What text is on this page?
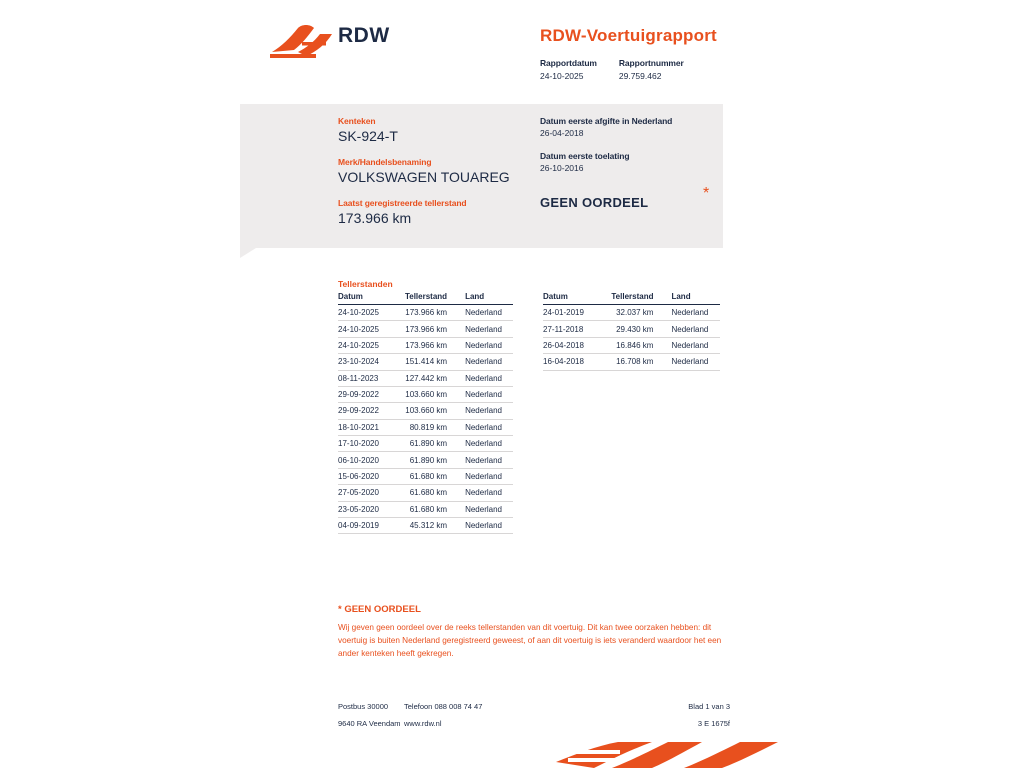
RDW	RDW-Voertuigrapport
Rapportdatum
24-10-2025
Rapportnummer
29.759.462
Kenteken
SK-924-T
Merk/Handelsbenaming
VOLKSWAGEN TOUAREG
Laatst geregistreerde tellerstand
173.966 km
Datum eerste afgifte in Nederland
26-04-2018
Datum eerste toelating
26-10-2016
GEEN OORDEEL
*
Tellerstanden
Datum	Tellerstand	Land
24-10-2025	173.966 km	Nederland
24-10-2025	173.966 km	Nederland
24-10-2025	173.966 km	Nederland
23-10-2024	151.414 km	Nederland
08-11-2023	127.442 km	Nederland
29-09-2022	103.660 km	Nederland
29-09-2022	103.660 km	Nederland
18-10-2021	80.819 km	Nederland
17-10-2020	61.890 km	Nederland
06-10-2020	61.890 km	Nederland
15-06-2020	61.680 km	Nederland
27-05-2020	61.680 km	Nederland
23-05-2020	61.680 km	Nederland
04-09-2019	45.312 km	Nederland
Datum	Tellerstand	Land
24-01-2019	32.037 km	Nederland
27-11-2018	29.430 km	Nederland
26-04-2018	16.846 km	Nederland
16-04-2018	16.708 km	Nederland
* GEEN OORDEEL
Wij geven geen oordeel over de reeks tellerstanden van dit voertuig. Dit kan twee oorzaken hebben: dit voertuig is buiten Nederland geregistreerd geweest, of aan dit voertuig is iets veranderd waardoor het een ander kenteken heeft gekregen.
Postbus 30000	Telefoon 088 008 74 47
9640 RA Veendam www.rdw.nl
Blad 1 van 3
3 E 1675f
